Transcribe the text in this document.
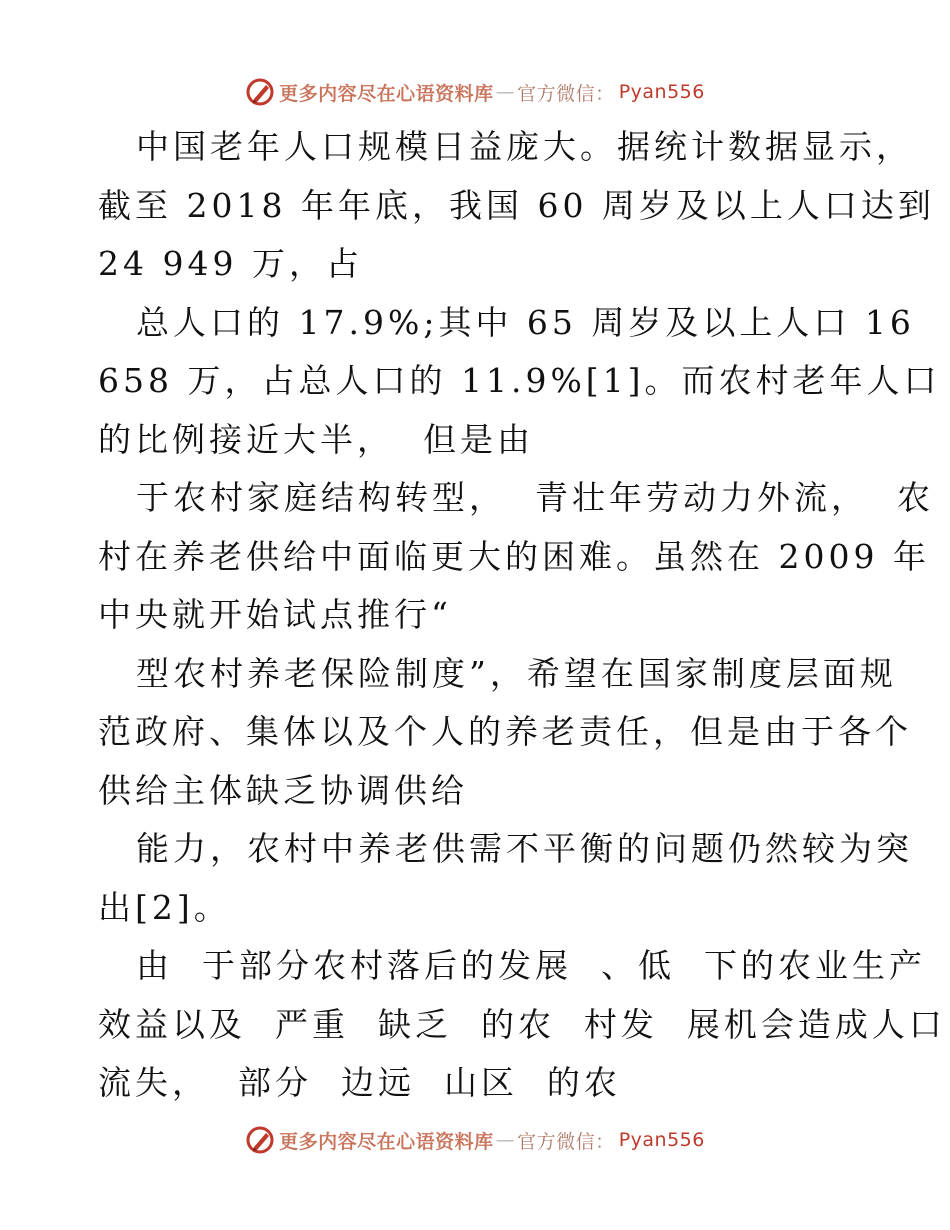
更多内容尽在心语资料库 — 官方微信： Pyan556
中国老年人口规模日益庞大。据统计数据显示，
截至 2018 年年底，我国 60 周岁及以上人口达到
24 949 万，占
总人口的 17.9%;其中 65 周岁及以上人口 16
658 万，占总人口的 11.9%[1]。而农村老年人口
的比例接近大半，  但是由
于农村家庭结构转型，  青壮年劳动力外流，  农
村在养老供给中面临更大的困难。虽然在 2009 年
中央就开始试点推行“
型农村养老保险制度”，希望在国家制度层面规
范政府、集体以及个人的养老责任，但是由于各个
供给主体缺乏协调供给
能力，农村中养老供需不平衡的问题仍然较为突
出[2]。
由  于部分农村落后的发展  、低  下的农业生产
效益以及  严重  缺乏  的农  村发  展机会造成人口
流失，  部分  边远  山区  的农
更多内容尽在心语资料库 — 官方微信： Pyan556
